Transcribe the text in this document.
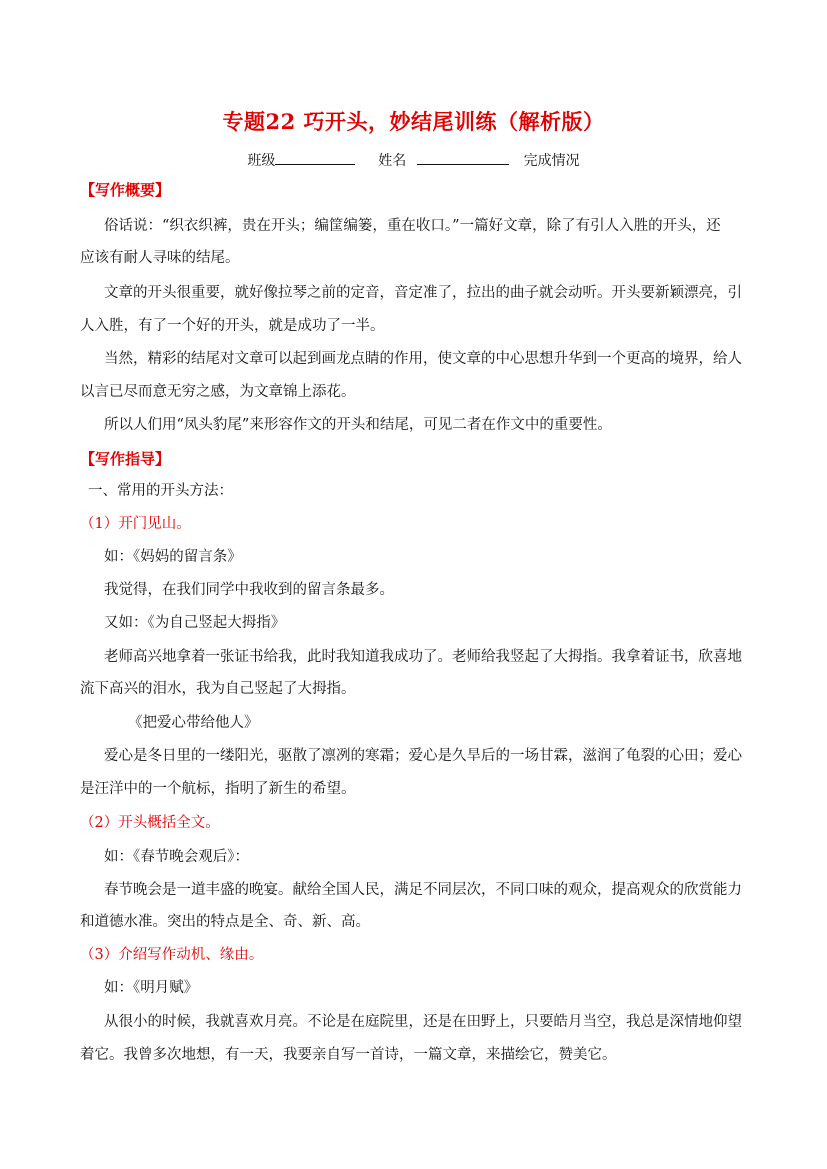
专题22 巧开头，妙结尾训练（解析版）
班级	姓名	完成情况
【写作概要】
俗话说：“织衣织裤，贵在开头；编筐编篓，重在收口。”一篇好文章，除了有引人入胜的开头，还
应该有耐人寻味的结尾。
文章的开头很重要，就好像拉琴之前的定音，音定准了，拉出的曲子就会动听。开头要新颖漂亮，引
人入胜，有了一个好的开头，就是成功了一半。
当然，精彩的结尾对文章可以起到画龙点睛的作用，使文章的中心思想升华到一个更高的境界，给人
以言已尽而意无穷之感，为文章锦上添花。
所以人们用“凤头豹尾”来形容作文的开头和结尾，可见二者在作文中的重要性。
【写作指导】
一、常用的开头方法：
（1）开门见山。
如：《妈妈的留言条》
我觉得，在我们同学中我收到的留言条最多。
又如：《为自己竖起大拇指》
老师高兴地拿着一张证书给我，此时我知道我成功了。老师给我竖起了大拇指。我拿着证书，欣喜地
流下高兴的泪水，我为自己竖起了大拇指。
《把爱心带给他人》
爱心是冬日里的一缕阳光，驱散了凛冽的寒霜；爱心是久旱后的一场甘霖，滋润了龟裂的心田；爱心
是汪洋中的一个航标，指明了新生的希望。
（2）开头概括全文。
如：《春节晚会观后》：
春节晚会是一道丰盛的晚宴。献给全国人民，满足不同层次，不同口味的观众，提高观众的欣赏能力
和道德水准。突出的特点是全、奇、新、高。
（3）介绍写作动机、缘由。
如：《明月赋》
从很小的时候，我就喜欢月亮。不论是在庭院里，还是在田野上，只要皓月当空，我总是深情地仰望
着它。我曾多次地想，有一天，我要亲自写一首诗，一篇文章，来描绘它，赞美它。
